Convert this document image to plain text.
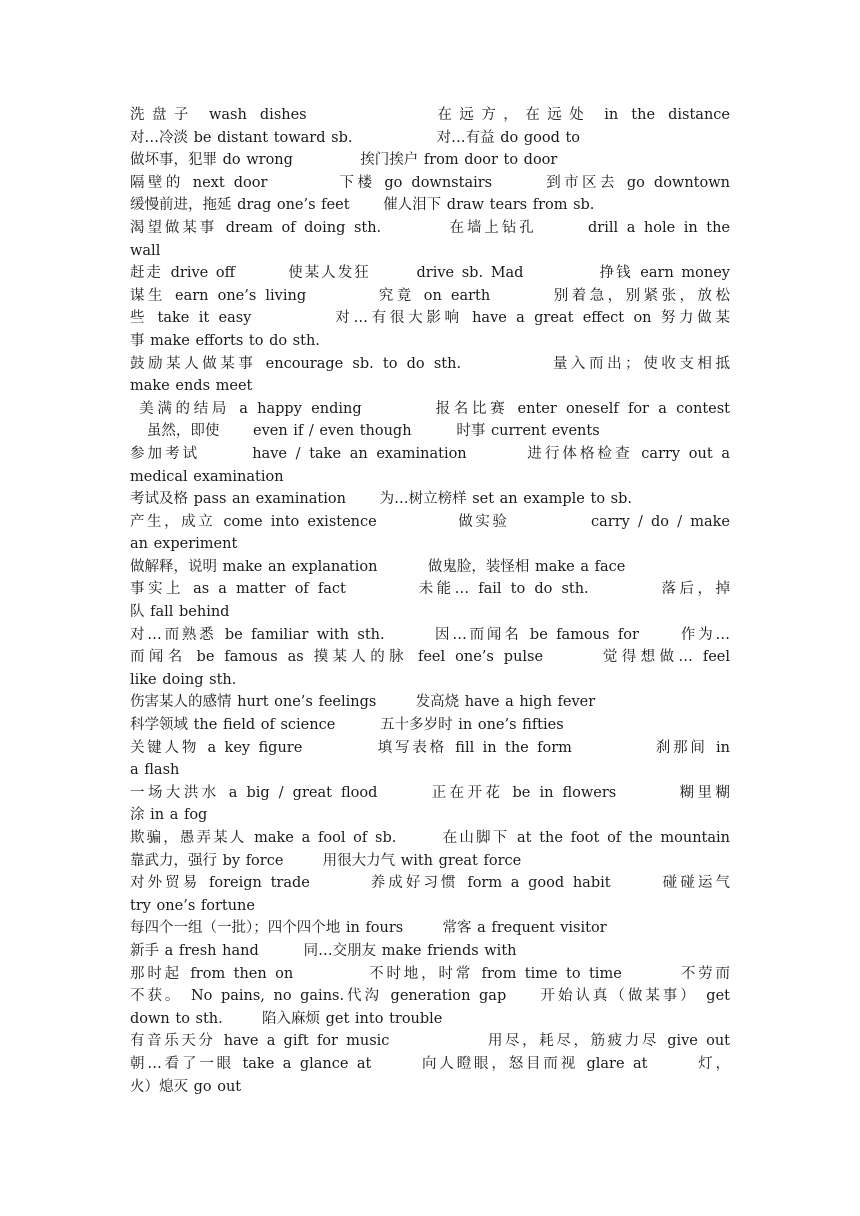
洗盘子 wash dishes          在远方，在远处 in the distance
对…冷淡 be distant toward sb.               对…有益 do good to
做坏事，犯罪 do wrong            挨门挨户 from door to door
隔壁的 next door        下楼 go downstairs      到市区去 go downtown
缓慢前进，拖延 drag one’s feet      催人泪下 draw tears from sb.
渴望做某事 dream of doing sth.        在墙上钻孔      drill a hole in the
wall
赶走 drive off       使某人发狂      drive sb. Mad          挣钱 earn money
谋生 earn one’s living        究竟 on earth       别着急，别紧张，放松
些 take it easy         对…有很大影响 have a great effect on 努力做某
事 make efforts to do sth.
鼓励某人做某事 encourage sb. to do sth.          量入而出；使收支相抵
make ends meet
美满的结局 a happy ending        报名比赛 enter oneself for a contest
虽然，即使      even if / even though        时事 current events
参加考试      have / take an examination       进行体格检查 carry out a
medical examination
考试及格 pass an examination      为…树立榜样 set an example to sb.
产生，成立 come into existence          做实验          carry / do / make
an experiment
做解释，说明 make an explanation         做鬼脸，装怪相 make a face
事实上 as a matter of fact        未能… fail to do sth.        落后，掉
队 fall behind
对…而熟悉 be familiar with sth.      因…而闻名 be famous for     作为…
而闻名 be famous as 摸某人的脉 feel one’s pulse      觉得想做… feel
like doing sth.
伤害某人的感情 hurt one’s feelings       发高烧 have a high fever
科学领域 the field of science        五十多岁时 in one’s fifties
关键人物 a key figure         填写表格 fill in the form          刹那间 in
a flash
一场大洪水 a big / great flood      正在开花 be in flowers       糊里糊
涂 in a fog
欺骗，愚弄某人 make a fool of sb.      在山脚下 at the foot of the mountain
靠武力，强行 by force       用很大力气 with great force
对外贸易 foreign trade       养成好习惯 form a good habit      碰碰运气
try one’s fortune
每四个一组（一批）；四个四个地 in fours       常客 a frequent visitor
新手 a fresh hand        同…交朋友 make friends with
那时起 from then on         不时地，时常 from time to time       不劳而
不获。 No pains, no gains.代沟 generation gap    开始认真（做某事） get
down to sth.       陷入麻烦 get into trouble
有音乐天分 have a gift for music            用尽，耗尽，筋疲力尽 give out
朝…看了一眼 take a glance at      向人瞪眼，怒目而视 glare at      灯，
火）熄灭 go out
